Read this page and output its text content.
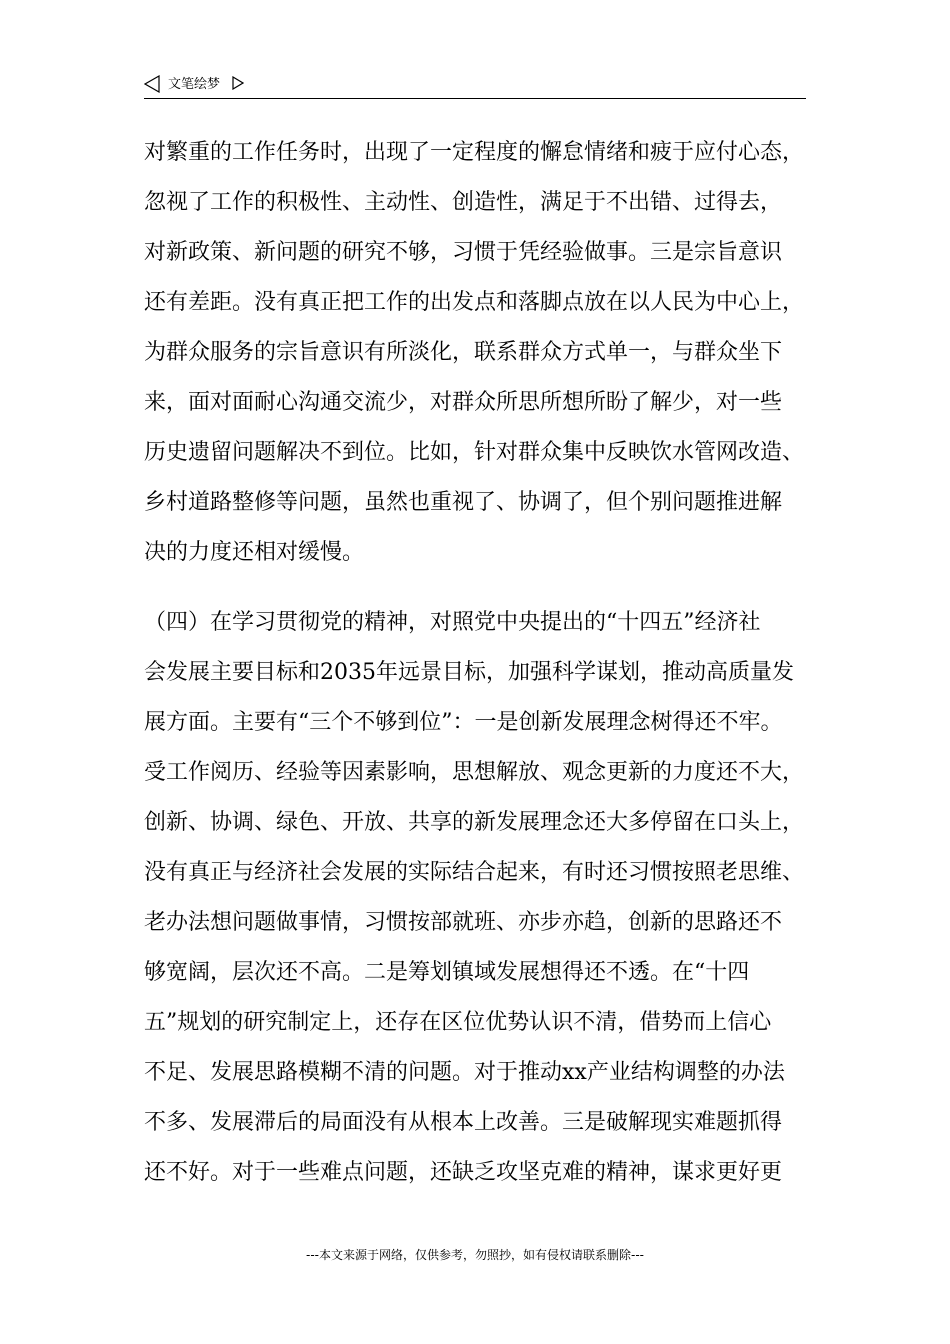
文笔绘梦
对繁重的工作任务时，出现了一定程度的懈怠情绪和疲于应付心态，
忽视了工作的积极性、主动性、创造性，满足于不出错、过得去，
对新政策、新问题的研究不够，习惯于凭经验做事。三是宗旨意识
还有差距。没有真正把工作的出发点和落脚点放在以人民为中心上，
为群众服务的宗旨意识有所淡化，联系群众方式单一，与群众坐下
来，面对面耐心沟通交流少，对群众所思所想所盼了解少，对一些
历史遗留问题解决不到位。比如，针对群众集中反映饮水管网改造、
乡村道路整修等问题，虽然也重视了、协调了，但个别问题推进解
决的力度还相对缓慢。
（四）在学习贯彻党的精神，对照党中央提出的“十四五”经济社
会发展主要目标和2035年远景目标，加强科学谋划，推动高质量发
展方面。主要有“三个不够到位”：一是创新发展理念树得还不牢。
受工作阅历、经验等因素影响，思想解放、观念更新的力度还不大，
创新、协调、绿色、开放、共享的新发展理念还大多停留在口头上，
没有真正与经济社会发展的实际结合起来，有时还习惯按照老思维、
老办法想问题做事情，习惯按部就班、亦步亦趋，创新的思路还不
够宽阔，层次还不高。二是筹划镇域发展想得还不透。在“十四
五”规划的研究制定上，还存在区位优势认识不清，借势而上信心
不足、发展思路模糊不清的问题。对于推动xx产业结构调整的办法
不多、发展滞后的局面没有从根本上改善。三是破解现实难题抓得
还不好。对于一些难点问题，还缺乏攻坚克难的精神，谋求更好更
---本文来源于网络，仅供参考，勿照抄，如有侵权请联系删除---
